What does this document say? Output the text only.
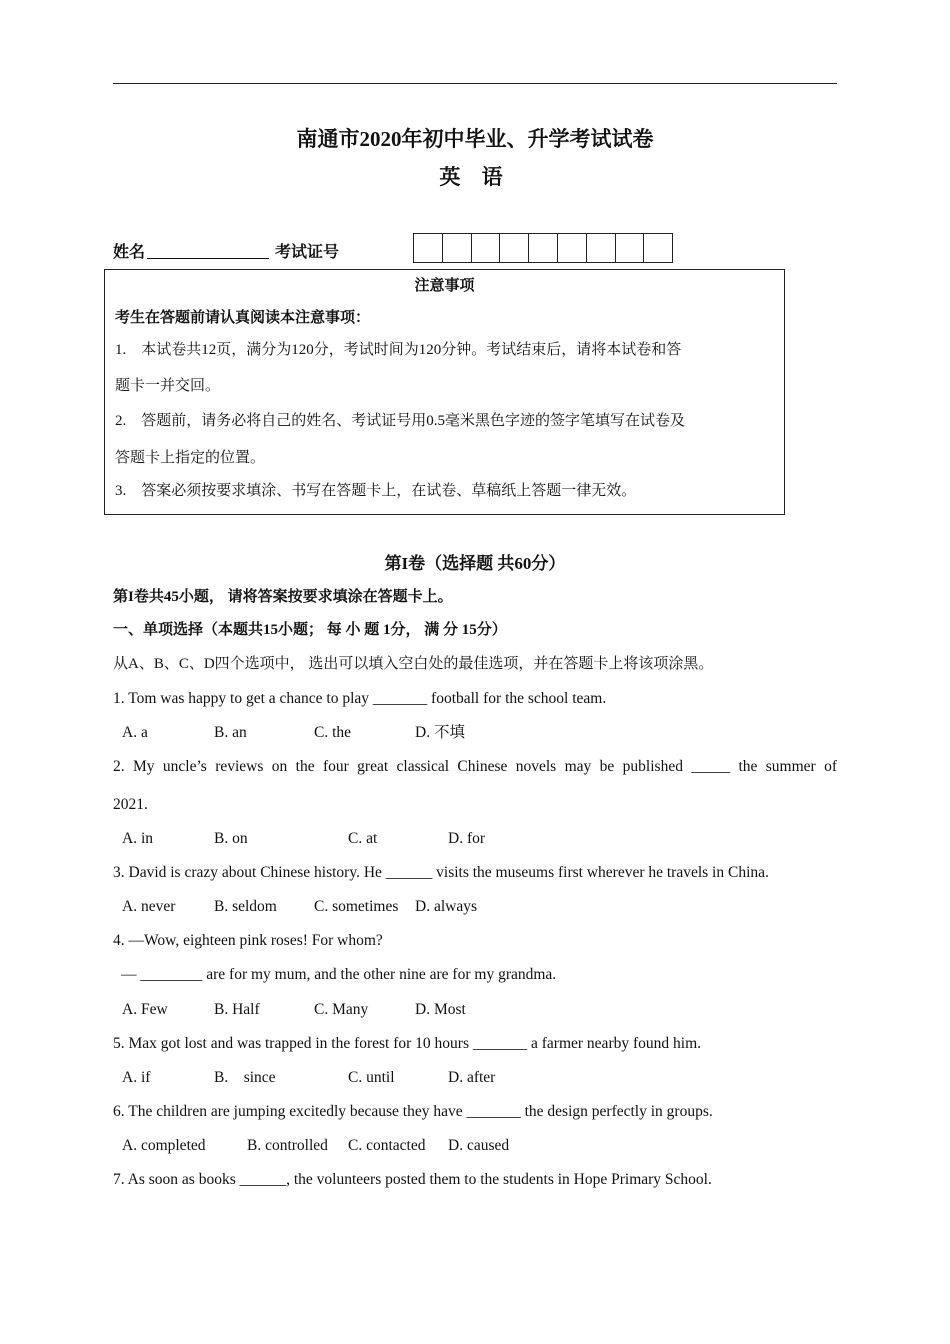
南通市2020年初中毕业、升学考试试卷
英 语
姓名	考试证号
注意事项
考生在答题前请认真阅读本注意事项：
1.　本试卷共12页，满分为120分，考试时间为120分钟。考试结束后，请将本试卷和答
题卡一并交回。
2.　答题前，请务必将自己的姓名、考试证号用0.5毫米黑色字迹的签字笔填写在试卷及
答题卡上指定的位置。
3.　答案必须按要求填涂、书写在答题卡上，在试卷、草稿纸上答题一律无效。
第I卷（选择题 共60分）
第I卷共45小题， 请将答案按要求填涂在答题卡上。
一、单项选择（本题共15小题； 每 小 题 1分， 满 分 15分）
从A、B、C、D四个选项中， 选出可以填入空白处的最佳选项，并在答题卡上将该项涂黑。
1. Tom was happy to get a chance to play _______ football for the school team.
A. a	B. an	C. the	D. 不填
2. My uncle’s reviews on the four great classical Chinese novels may be published _____ the summer of
2021.
A. in	B. on	C. at	D. for
3. David is crazy about Chinese history. He ______ visits the museums first wherever he travels in China.
A. never B. seldom C. sometimes D. always
4. —Wow, eighteen pink roses! For whom?
— ________ are for my mum, and the other nine are for my grandma.
A. Few	B. Half	C. Many	D. Most
5. Max got lost and was trapped in the forest for 10 hours _______ a farmer nearby found him.
A. if	B.　since	C. until	D. after
6. The children are jumping excitedly because they have _______ the design perfectly in groups.
A. completed	B. controlled C. contacted D. caused
7. As soon as books ______, the volunteers posted them to the students in Hope Primary School.
